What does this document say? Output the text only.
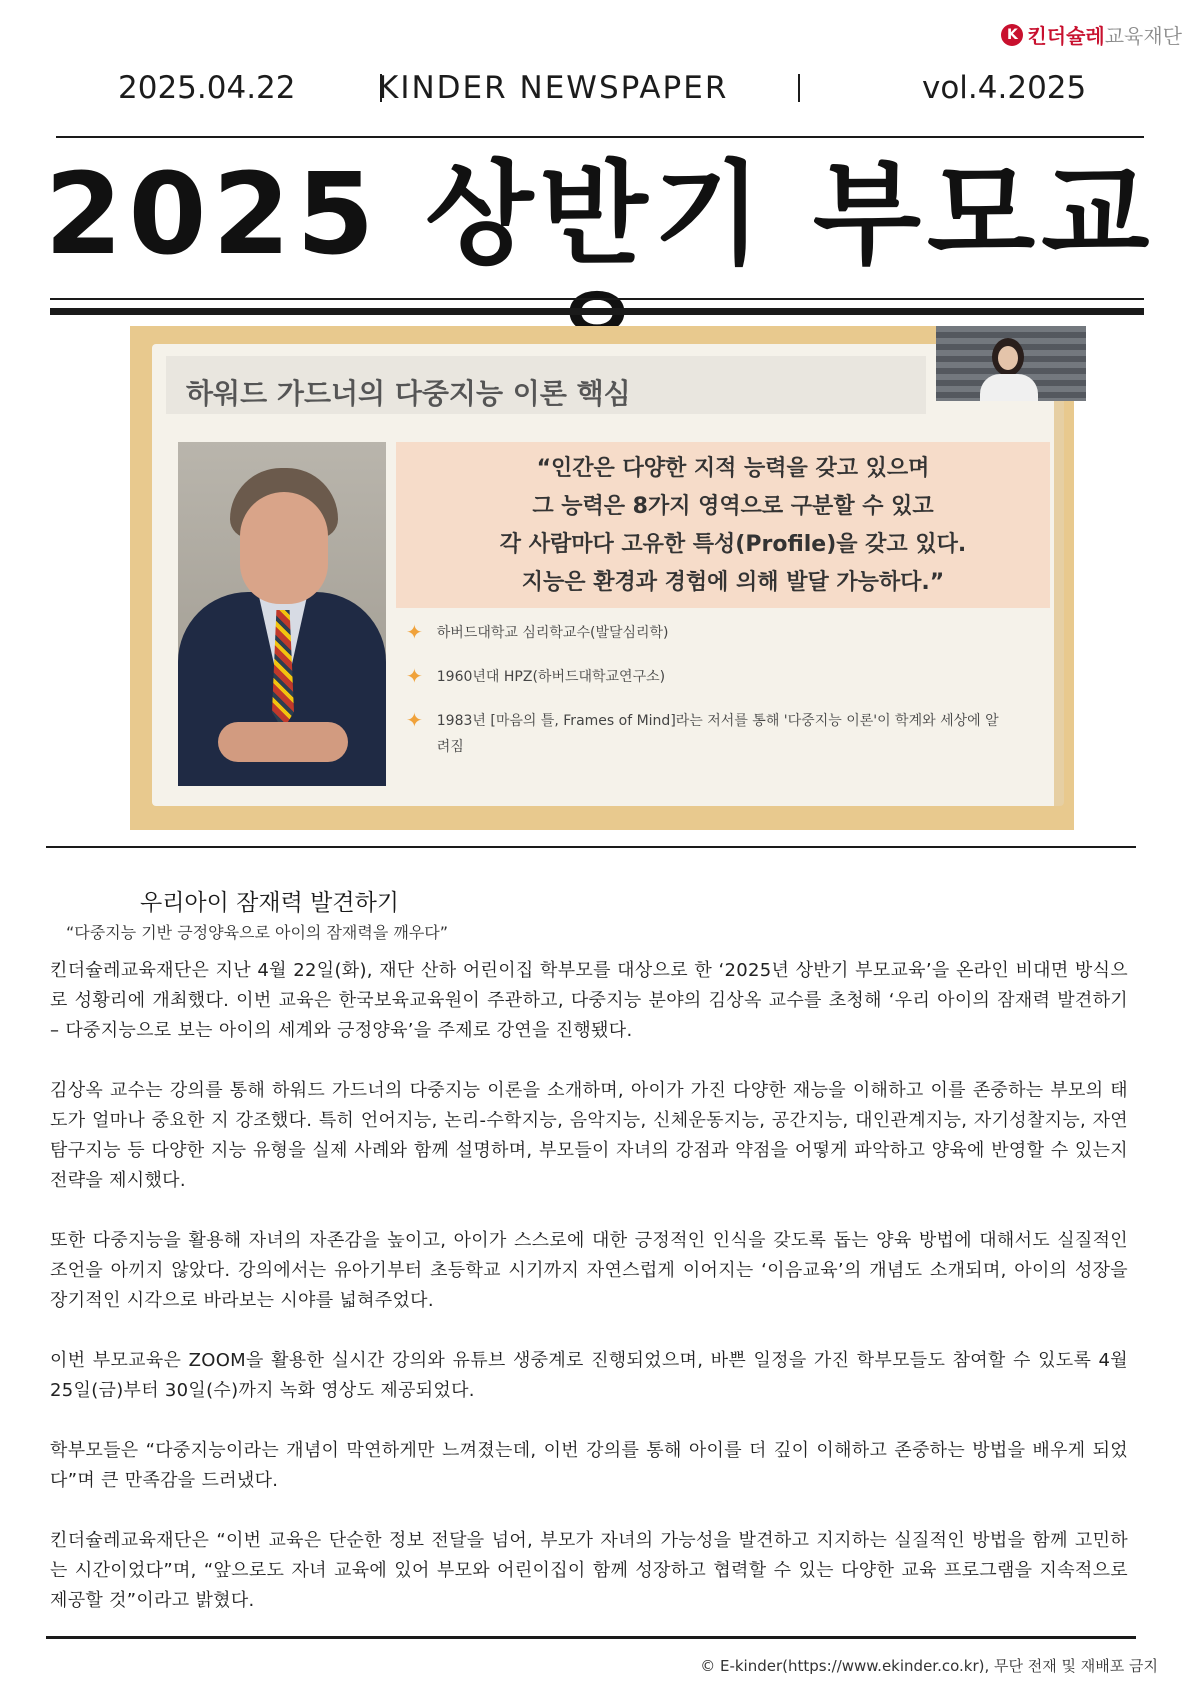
K 킨더슐레교육재단
2025.04.22	KINDER NEWSPAPER	vol.4.2025
2025 상반기 부모교
하워드 가드너의 다중지능 이론 핵심
“인간은 다양한 지적 능력을 갖고 있으며
그 능력은 8가지 영역으로 구분할 수 있고
각 사람마다 고유한 특성(Profile)을 갖고 있다.
지능은 환경과 경험에 의해 발달 가능하다.”
✦ 하버드대학교 심리학교수(발달심리학)
✦ 1960년대 HPZ(하버드대학교연구소)
✦ 1983년 [마음의 틀, Frames of Mind]라는 저서를 통해 '다중지능 이론'이 학계와 세상에 알려짐
우리아이 잠재력 발견하기
“다중지능 기반 긍정양육으로 아이의 잠재력을 깨우다”

킨더슐레교육재단은 지난 4월 22일(화), 재단 산하 어린이집 학부모를 대상으로 한 ‘2025년 상반기 부모교육’을 온라인 비대면 방식으로 성황리에 개최했다. 이번 교육은 한국보육교육원이 주관하고, 다중지능 분야의 김상옥 교수를 초청해 ‘우리 아이의 잠재력 발견하기 – 다중지능으로 보는 아이의 세계와 긍정양육’을 주제로 강연을 진행됐다.

김상옥 교수는 강의를 통해 하워드 가드너의 다중지능 이론을 소개하며, 아이가 가진 다양한 재능을 이해하고 이를 존중하는 부모의 태도가 얼마나 중요한 지 강조했다. 특히 언어지능, 논리-수학지능, 음악지능, 신체운동지능, 공간지능, 대인관계지능, 자기성찰지능, 자연탐구지능 등 다양한 지능 유형을 실제 사례와 함께 설명하며, 부모들이 자녀의 강점과 약점을 어떻게 파악하고 양육에 반영할 수 있는지 전략을 제시했다.

또한 다중지능을 활용해 자녀의 자존감을 높이고, 아이가 스스로에 대한 긍정적인 인식을 갖도록 돕는 양육 방법에 대해서도 실질적인 조언을 아끼지 않았다. 강의에서는 유아기부터 초등학교 시기까지 자연스럽게 이어지는 ‘이음교육’의 개념도 소개되며, 아이의 성장을 장기적인 시각으로 바라보는 시야를 넓혀주었다.

이번 부모교육은 ZOOM을 활용한 실시간 강의와 유튜브 생중계로 진행되었으며, 바쁜 일정을 가진 학부모들도 참여할 수 있도록 4월 25일(금)부터 30일(수)까지 녹화 영상도 제공되었다.

학부모들은 “다중지능이라는 개념이 막연하게만 느껴졌는데, 이번 강의를 통해 아이를 더 깊이 이해하고 존중하는 방법을 배우게 되었다”며 큰 만족감을 드러냈다.

킨더슐레교육재단은 “이번 교육은 단순한 정보 전달을 넘어, 부모가 자녀의 가능성을 발견하고 지지하는 실질적인 방법을 함께 고민하는 시간이었다”며, “앞으로도 자녀 교육에 있어 부모와 어린이집이 함께 성장하고 협력할 수 있는 다양한 교육 프로그램을 지속적으로 제공할 것”이라고 밝혔다.

© E-kinder(https://www.ekinder.co.kr), 무단 전재 및 재배포 금지
